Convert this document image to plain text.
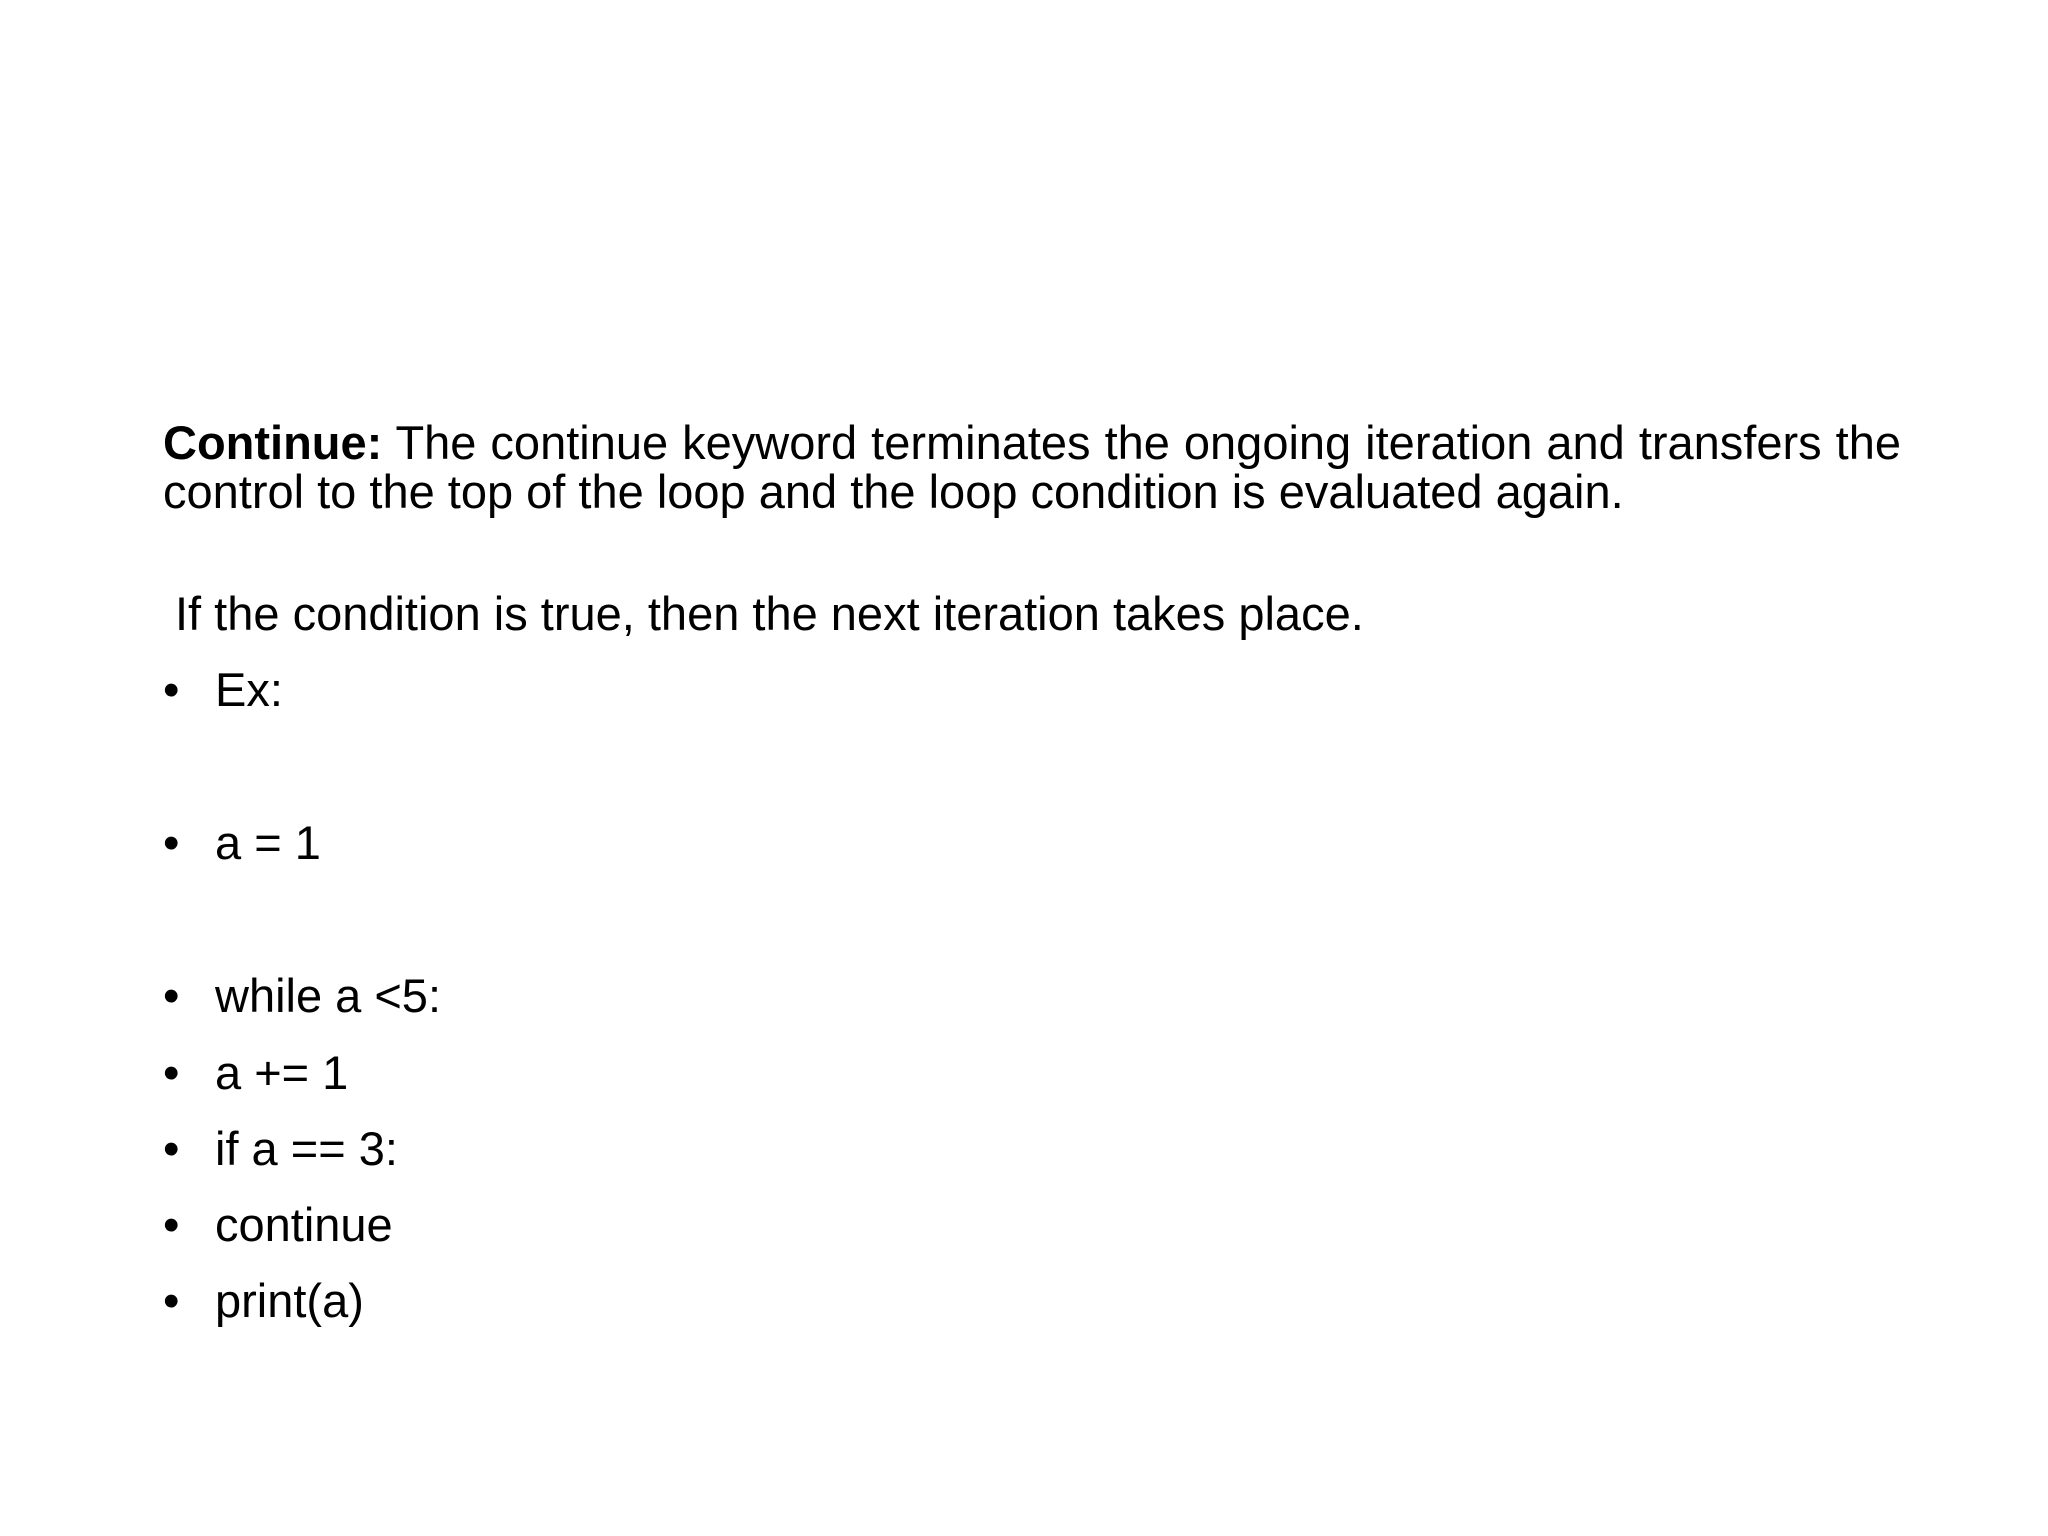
Continue: The continue keyword terminates the ongoing iteration and transfers the control to the top of the loop and the loop condition is evaluated again.

If the condition is true, then the next iteration takes place.

• Ex:
• a = 1
• while a <5:
• a += 1
• if a == 3:
• continue
• print(a)
